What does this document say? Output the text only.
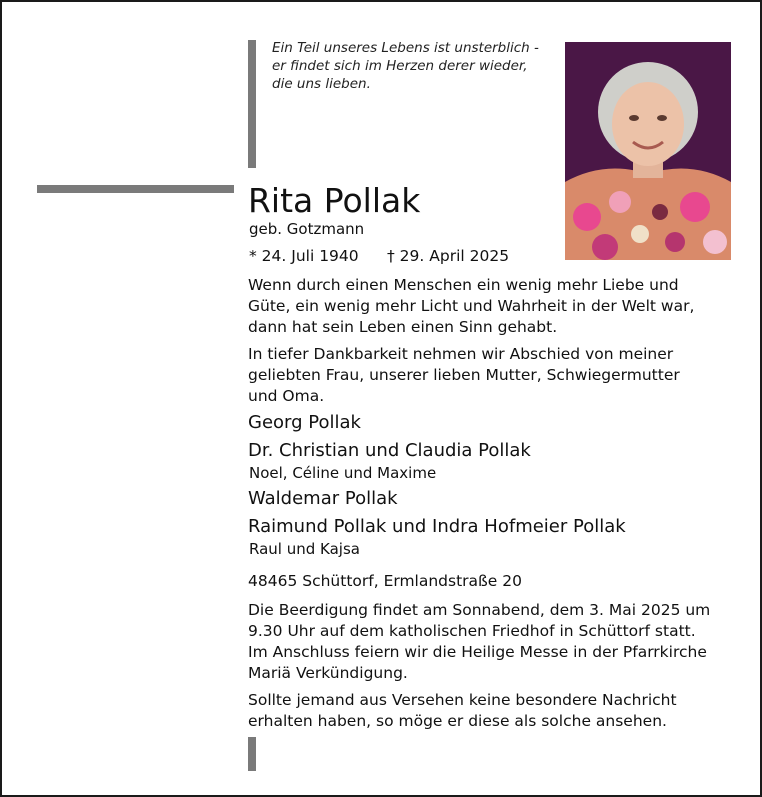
Ein Teil unseres Lebens ist unsterblich -
er findet sich im Herzen derer wieder,
die uns lieben.
Rita Pollak
geb. Gotzmann
* 24. Juli 1940 † 29. April 2025
Wenn durch einen Menschen ein wenig mehr Liebe und
Güte, ein wenig mehr Licht und Wahrheit in der Welt war,
dann hat sein Leben einen Sinn gehabt.
In tiefer Dankbarkeit nehmen wir Abschied von meiner
geliebten Frau, unserer lieben Mutter, Schwiegermutter
und Oma.
Georg Pollak
Dr. Christian und Claudia Pollak
Noel, Céline und Maxime
Waldemar Pollak
Raimund Pollak und Indra Hofmeier Pollak
Raul und Kajsa
48465 Schüttorf, Ermlandstraße 20
Die Beerdigung findet am Sonnabend, dem 3. Mai 2025 um
9.30 Uhr auf dem katholischen Friedhof in Schüttorf statt.
Im Anschluss feiern wir die Heilige Messe in der Pfarrkirche
Mariä Verkündigung.
Sollte jemand aus Versehen keine besondere Nachricht
erhalten haben, so möge er diese als solche ansehen.
